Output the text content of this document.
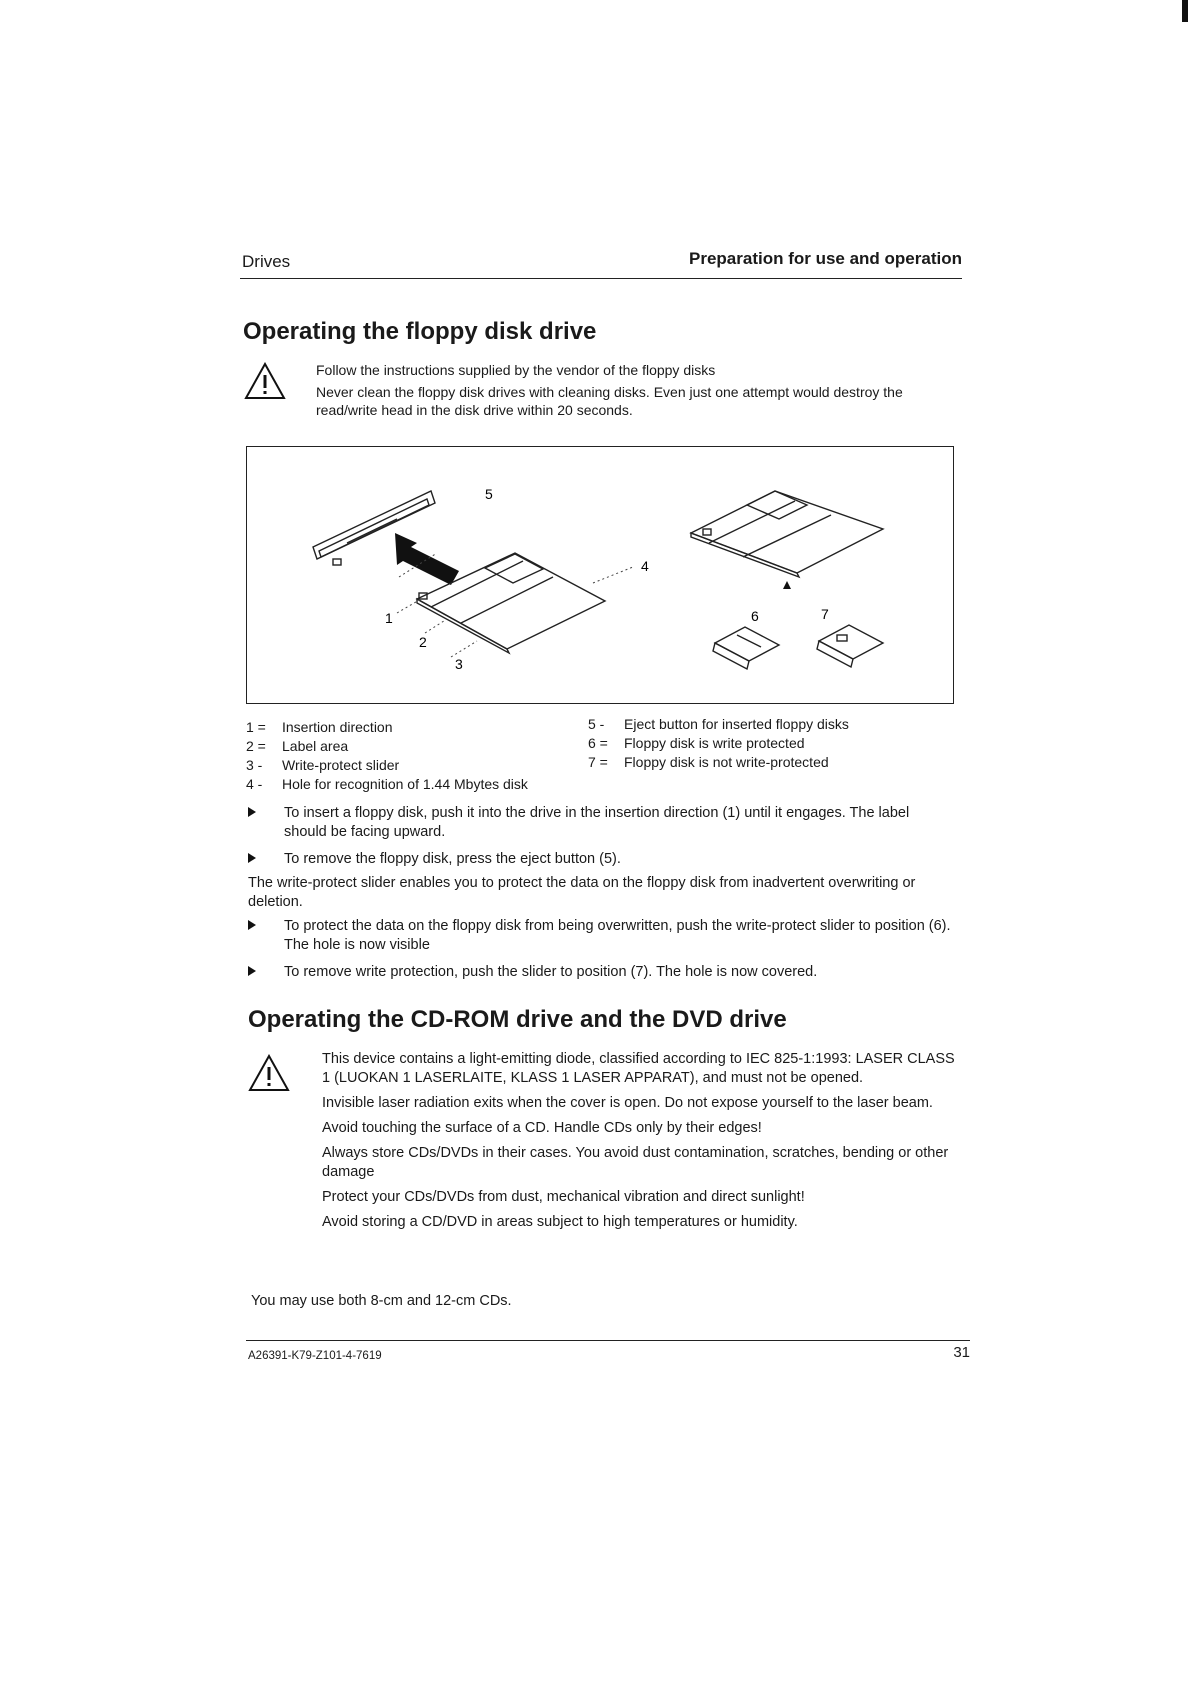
Drives	Preparation for use and operation
Operating the floppy disk drive

Follow the instructions supplied by the vendor of the floppy disks

Never clean the floppy disk drives with cleaning disks. Even just one attempt would destroy the read/write head in the disk drive within 20 seconds.

5
4
1
2
3
6	7
1 = Insertion direction
2 = Label area
3 - Write-protect slider
4 - Hole for recognition of 1.44 Mbytes disk
5 - Eject button for inserted floppy disks
6 = Floppy disk is write protected
7 = Floppy disk is not write-protected
To insert a floppy disk, push it into the drive in the insertion direction (1) until it engages. The label should be facing upward.
To remove the floppy disk, press the eject button (5).
The write-protect slider enables you to protect the data on the floppy disk from inadvertent overwriting or deletion.
To protect the data on the floppy disk from being overwritten, push the write-protect slider to position (6). The hole is now visible
To remove write protection, push the slider to position (7). The hole is now covered.
Operating the CD-ROM drive and the DVD drive

This device contains a light-emitting diode, classified according to IEC 825-1:1993: LASER CLASS 1 (LUOKAN 1 LASERLAITE, KLASS 1 LASER APPARAT), and must not be opened.

Invisible laser radiation exits when the cover is open. Do not expose yourself to the laser beam.

Avoid touching the surface of a CD. Handle CDs only by their edges!

Always store CDs/DVDs in their cases. You avoid dust contamination, scratches, bending or other damage

Protect your CDs/DVDs from dust, mechanical vibration and direct sunlight!

Avoid storing a CD/DVD in areas subject to high temperatures or humidity.

You may use both 8-cm and 12-cm CDs.
A26391-K79-Z101-4-7619	31
